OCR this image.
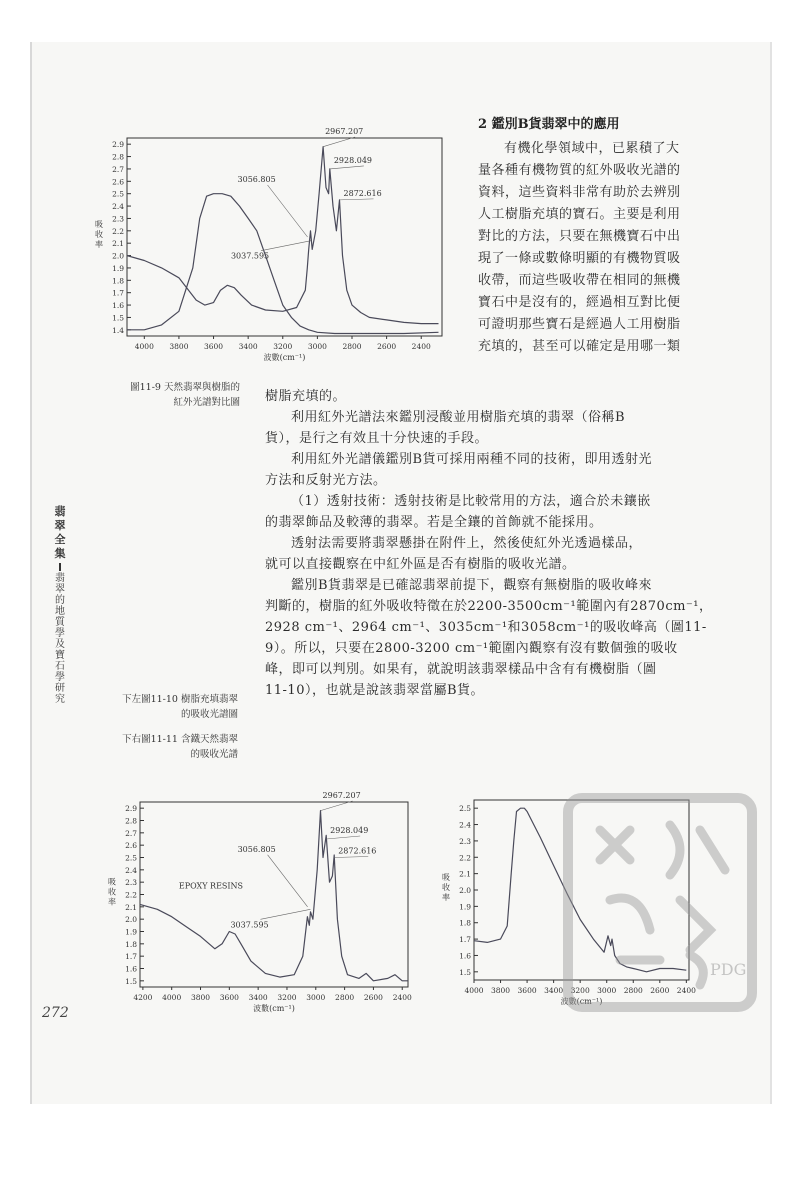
1.4
1.5
1.6
1.7
1.8
1.9
2.0
2.1
2.2
2.3
2.4
2.5
2.6
2.7
2.8
2.9
4000 3800 3600 3400 3200 3000 2800 2600 2400
波數(cm⁻¹)
吸
收
率
2967.207
3056.805
2928.049
2872.616
3037.595
圖11-9 天然翡翠與樹脂的
紅外光譜對比圖
2 鑑別B貨翡翠中的應用
有機化學領域中，已累積了大
量各種有機物質的紅外吸收光譜的
資料，這些資料非常有助於去辨別
人工樹脂充填的寶石。主要是利用
對比的方法，只要在無機寶石中出
現了一條或數條明顯的有機物質吸
收帶，而這些吸收帶在相同的無機
寶石中是沒有的，經過相互對比便
可證明那些寶石是經過人工用樹脂
充填的，甚至可以確定是用哪一類
樹脂充填的。
利用紅外光譜法來鑑別浸酸並用樹脂充填的翡翠（俗稱B
貨），是行之有效且十分快速的手段。
利用紅外光譜儀鑑別B貨可採用兩種不同的技術，即用透射光
方法和反射光方法。
（1）透射技術：透射技術是比較常用的方法，適合於未鑲嵌
的翡翠飾品及較薄的翡翠。若是全鑲的首飾就不能採用。
透射法需要將翡翠懸掛在附件上，然後使紅外光透過樣品，
就可以直接觀察在中紅外區是否有樹脂的吸收光譜。
鑑別B貨翡翠是已確認翡翠前提下，觀察有無樹脂的吸收峰來
判斷的，樹脂的紅外吸收特徵在於2200-3500cm⁻¹範圍內有2870cm⁻¹，
2928 cm⁻¹、2964 cm⁻¹、3035cm⁻¹和3058cm⁻¹的吸收峰高（圖11-
9）。所以，只要在2800-3200 cm⁻¹範圍內觀察有沒有數個強的吸收
峰，即可以判別。如果有，就說明該翡翠樣品中含有有機樹脂（圖
11-10），也就是說該翡翠當屬B貨。
翡翠全集
翡翠的地質學及寶石學研究	下左圖11-10 樹脂充填翡翠
的吸收光譜圖
下右圖11-11 含鐵天然翡翠
的吸收光譜
1.5
1.6
1.7
1.8
1.9
2.0
2.1
2.2
2.3
2.4
2.5
2.6
2.7
2.8
2.9
4200 4000 3800 3600 3400 3200 3000 2800 2600 2400
波數(cm⁻¹)
吸
收
率
2967.207
2928.049
3056.805	2872.616
3037.595
EPOXY RESINS
1.5
1.6
1.7
1.8
1.9
2.0
2.1
2.2
2.3
2.4
2.5
4000 3800 3600 3400 3200 3000 2800 2600 2400
波數(cm⁻¹)
吸
收
率
PDG
272
